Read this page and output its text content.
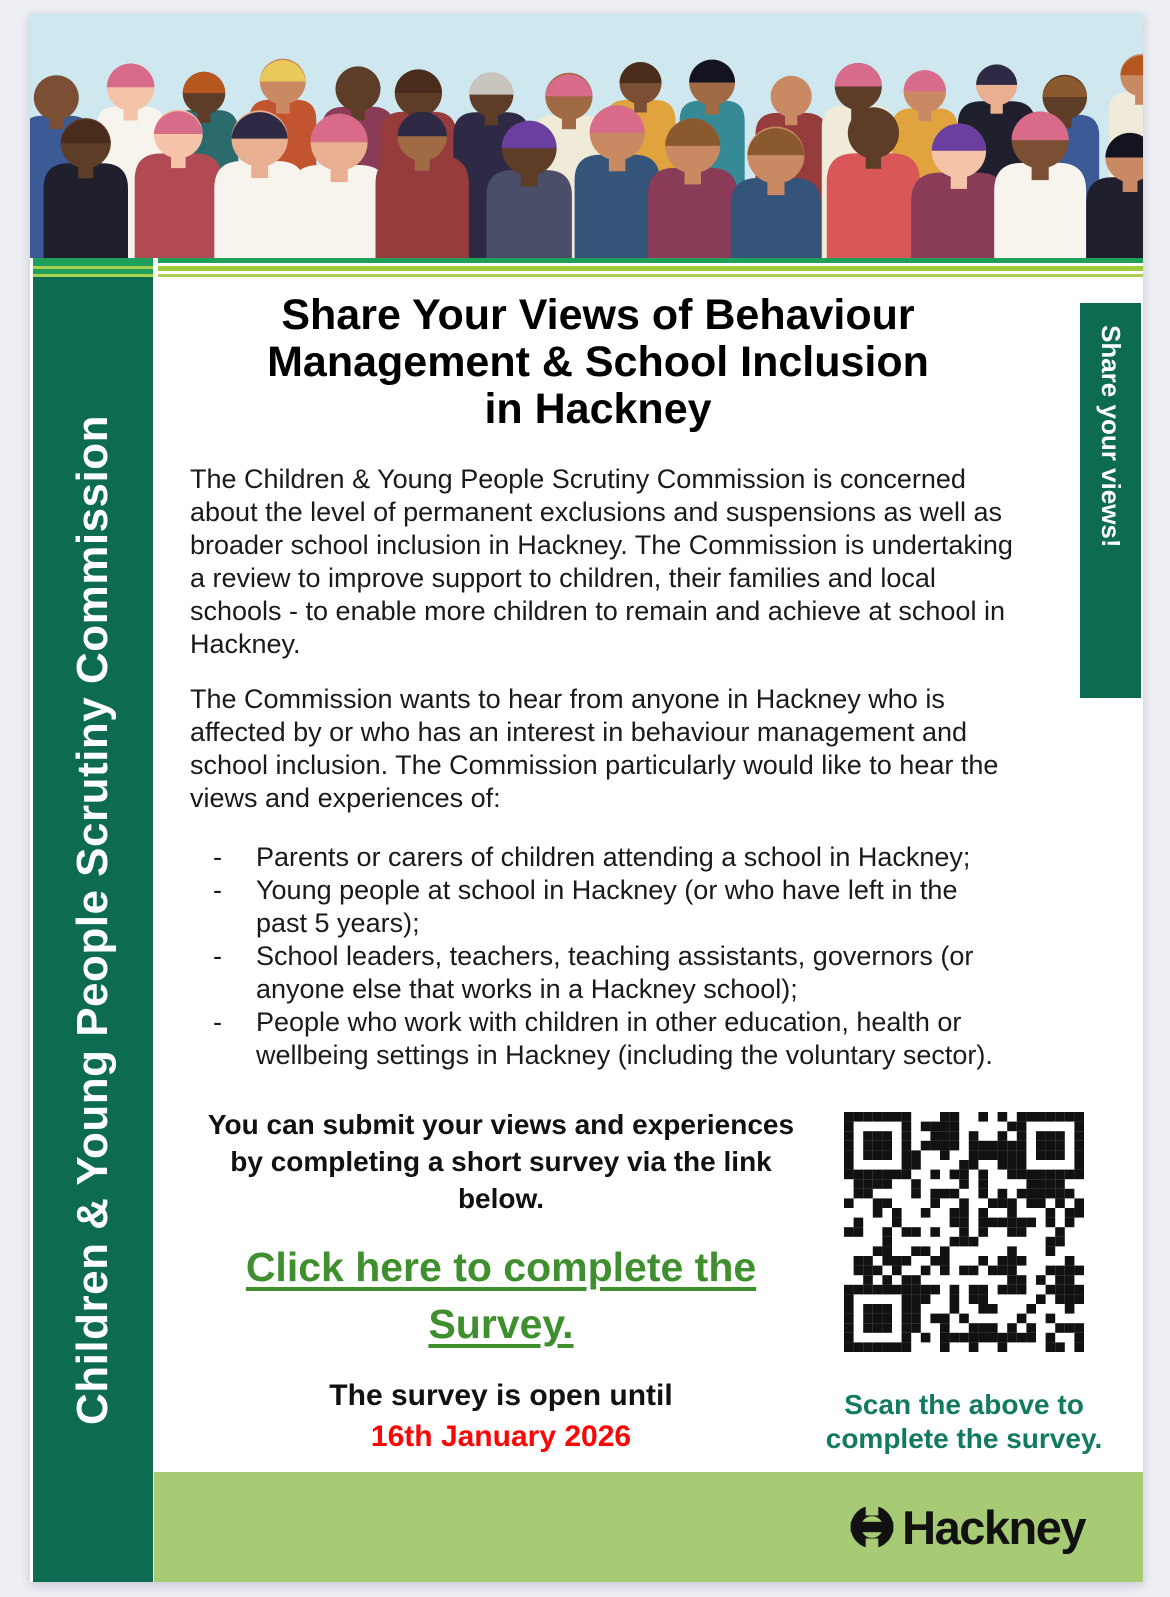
Children & Young People Scrutiny Commission	Share your views!
Share Your Views of Behaviour
Management & School Inclusion
in Hackney
The Children & Young People Scrutiny Commission is concerned about the level of permanent exclusions and suspensions as well as broader school inclusion in Hackney. The Commission is undertaking a review to improve support to children, their families and local schools - to enable more children to remain and achieve at school in Hackney.
The Commission wants to hear from anyone in Hackney who is affected by or who has an interest in behaviour management and school inclusion. The Commission particularly would like to hear the views and experiences of:
-	Parents or carers of children attending a school in Hackney;
-	Young people at school in Hackney (or who have left in the past 5 years);
-	School leaders, teachers, teaching assistants, governors (or anyone else that works in a Hackney school);
-	People who work with children in other education, health or wellbeing settings in Hackney (including the voluntary sector).
You can submit your views and experiences by completing a short survey via the link below.
Click here to complete the Survey.
The survey is open until
16th January 2026
Scan the above to complete the survey.
Hackney
